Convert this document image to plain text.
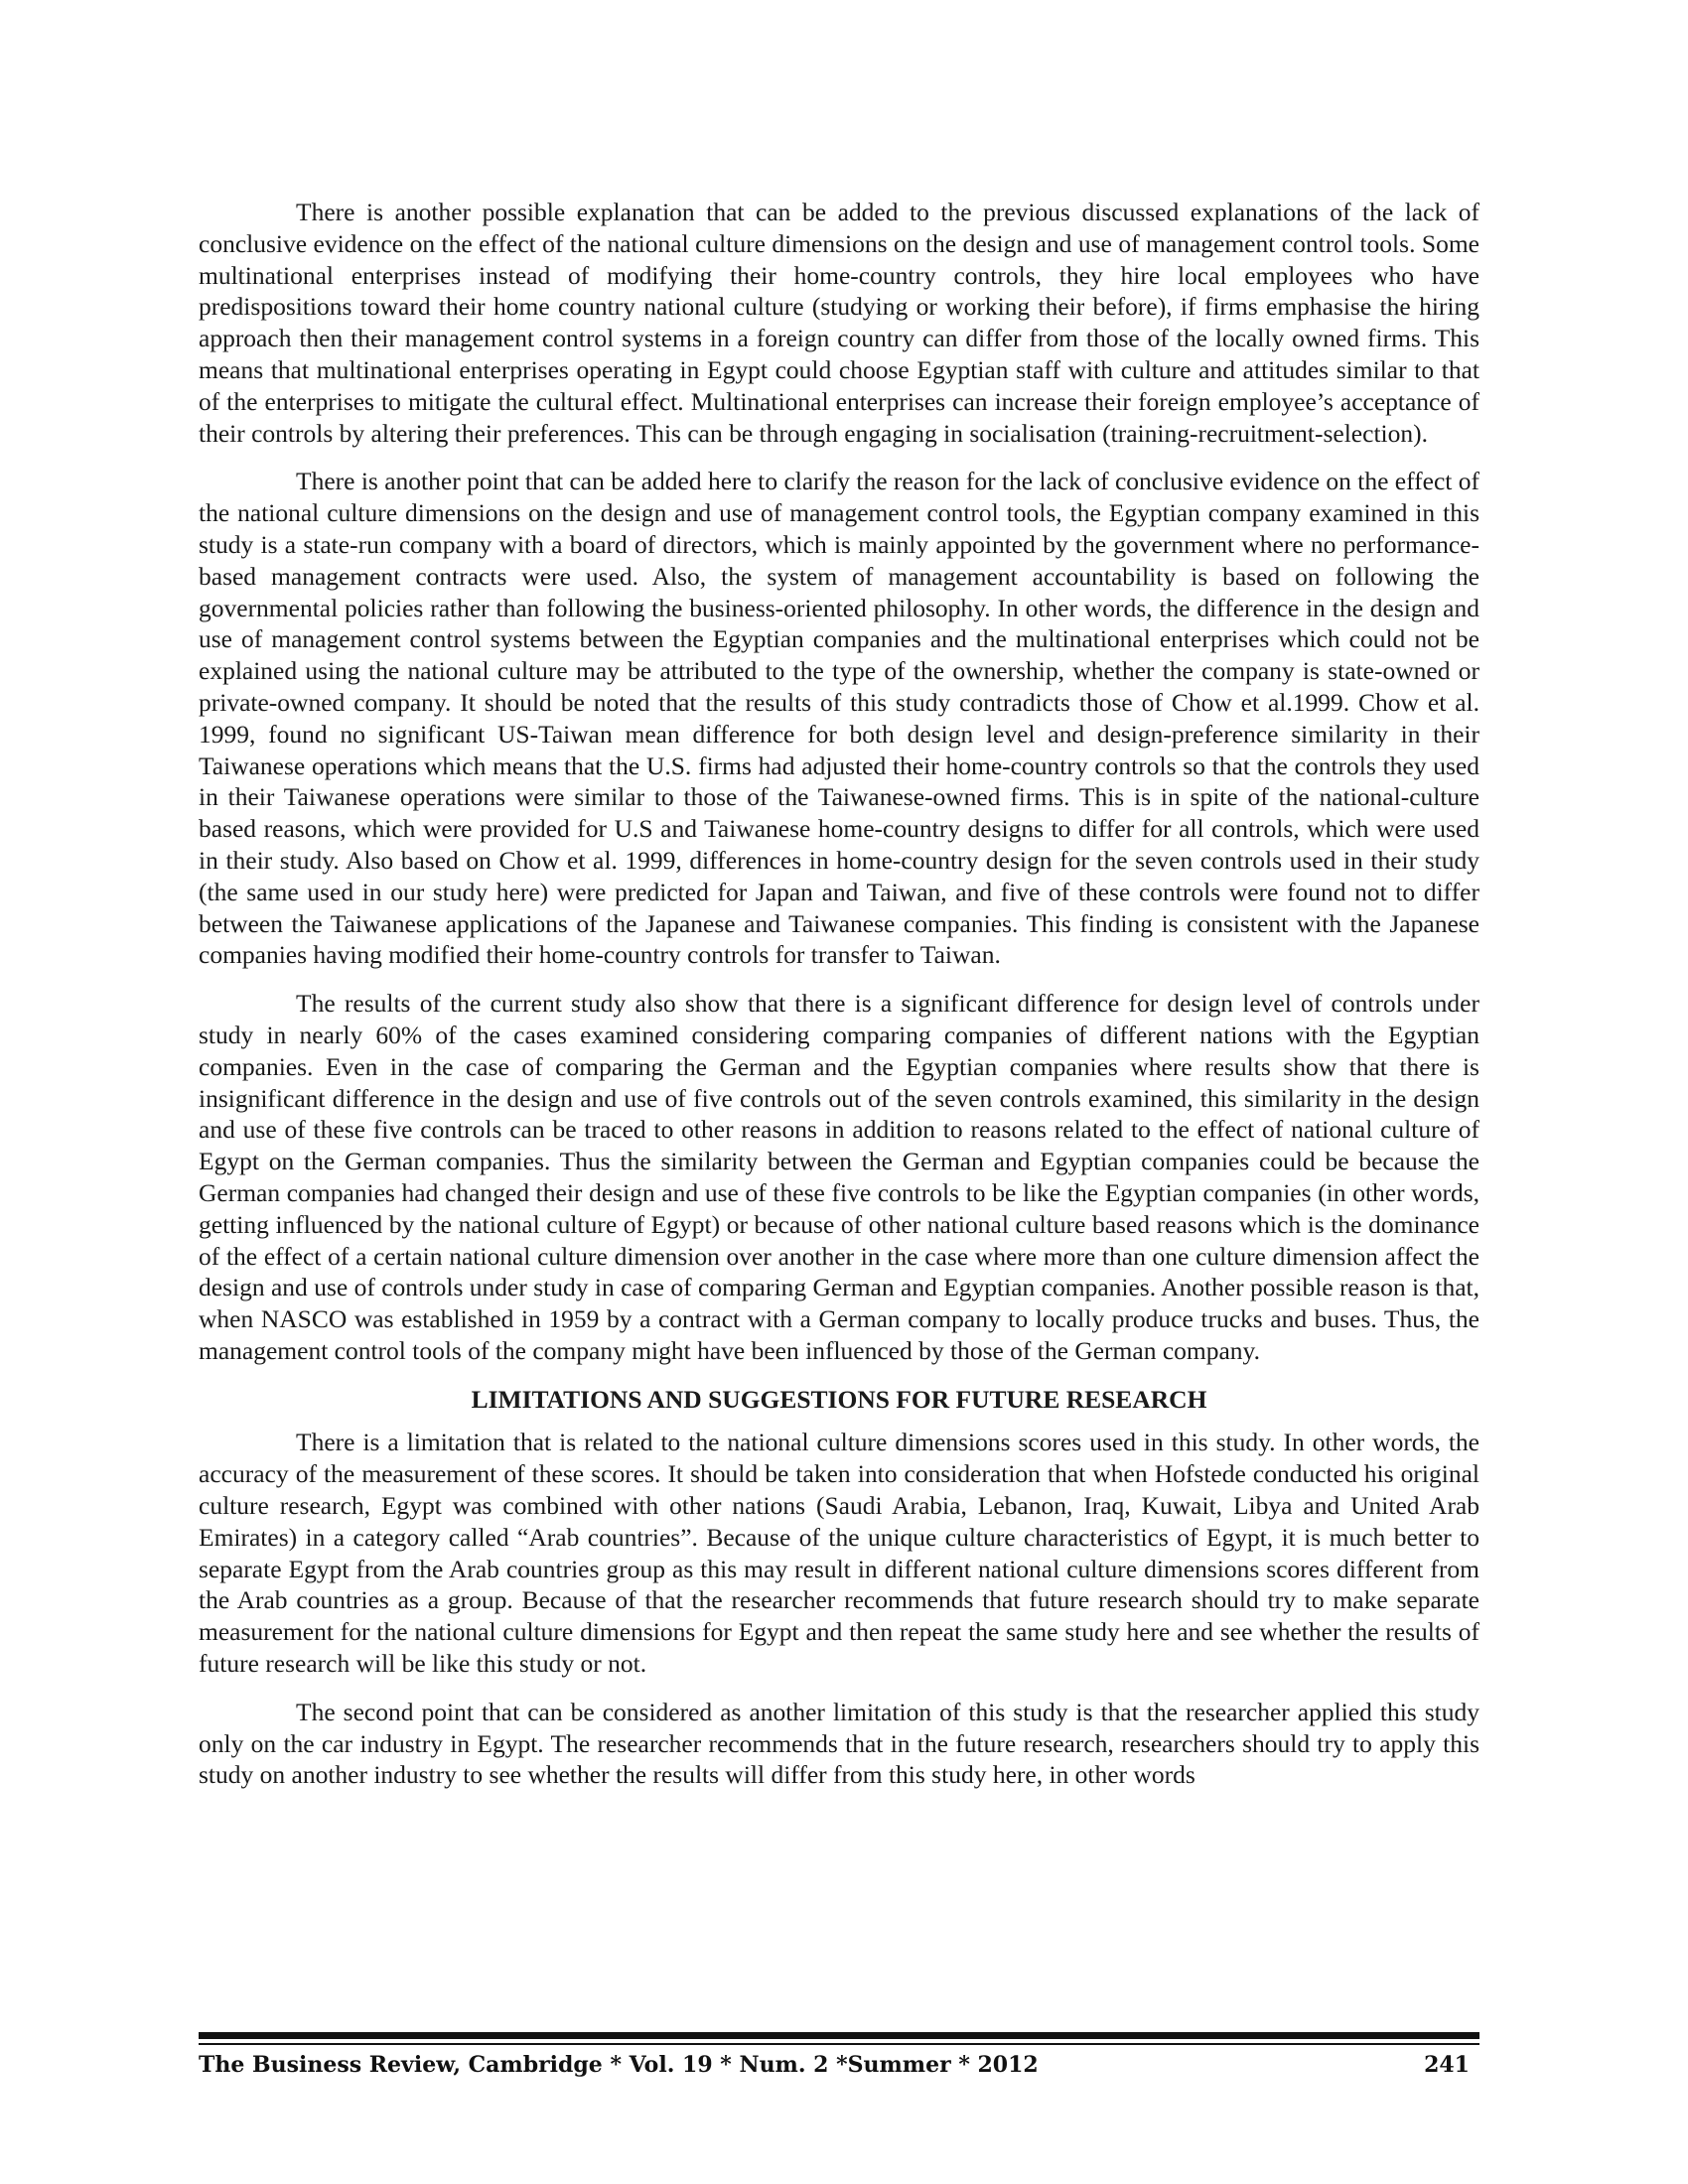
There is another possible explanation that can be added to the previous discussed explanations of the lack of conclusive evidence on the effect of the national culture dimensions on the design and use of management control tools. Some multinational enterprises instead of modifying their home-country controls, they hire local employees who have predispositions toward their home country national culture (studying or working their before), if firms emphasise the hiring approach then their management control systems in a foreign country can differ from those of the locally owned firms. This means that multinational enterprises operating in Egypt could choose Egyptian staff with culture and attitudes similar to that of the enterprises to mitigate the cultural effect. Multinational enterprises can increase their foreign employee’s acceptance of their controls by altering their preferences. This can be through engaging in socialisation (training-recruitment-selection).

There is another point that can be added here to clarify the reason for the lack of conclusive evidence on the effect of the national culture dimensions on the design and use of management control tools, the Egyptian company examined in this study is a state-run company with a board of directors, which is mainly appointed by the government where no performance-based management contracts were used. Also, the system of management accountability is based on following the governmental policies rather than following the business-oriented philosophy. In other words, the difference in the design and use of management control systems between the Egyptian companies and the multinational enterprises which could not be explained using the national culture may be attributed to the type of the ownership, whether the company is state-owned or private-owned company. It should be noted that the results of this study contradicts those of Chow et al.1999. Chow et al. 1999, found no significant US-Taiwan mean difference for both design level and design-preference similarity in their Taiwanese operations which means that the U.S. firms had adjusted their home-country controls so that the controls they used in their Taiwanese operations were similar to those of the Taiwanese-owned firms. This is in spite of the national-culture based reasons, which were provided for U.S and Taiwanese home-country designs to differ for all controls, which were used in their study. Also based on Chow et al. 1999, differences in home-country design for the seven controls used in their study (the same used in our study here) were predicted for Japan and Taiwan, and five of these controls were found not to differ between the Taiwanese applications of the Japanese and Taiwanese companies. This finding is consistent with the Japanese companies having modified their home-country controls for transfer to Taiwan.

The results of the current study also show that there is a significant difference for design level of controls under study in nearly 60% of the cases examined considering comparing companies of different nations with the Egyptian companies. Even in the case of comparing the German and the Egyptian companies where results show that there is insignificant difference in the design and use of five controls out of the seven controls examined, this similarity in the design and use of these five controls can be traced to other reasons in addition to reasons related to the effect of national culture of Egypt on the German companies. Thus the similarity between the German and Egyptian companies could be because the German companies had changed their design and use of these five controls to be like the Egyptian companies (in other words, getting influenced by the national culture of Egypt) or because of other national culture based reasons which is the dominance of the effect of a certain national culture dimension over another in the case where more than one culture dimension affect the design and use of controls under study in case of comparing German and Egyptian companies. Another possible reason is that, when NASCO was established in 1959 by a contract with a German company to locally produce trucks and buses. Thus, the management control tools of the company might have been influenced by those of the German company.

LIMITATIONS AND SUGGESTIONS FOR FUTURE RESEARCH

There is a limitation that is related to the national culture dimensions scores used in this study. In other words, the accuracy of the measurement of these scores. It should be taken into consideration that when Hofstede conducted his original culture research, Egypt was combined with other nations (Saudi Arabia, Lebanon, Iraq, Kuwait, Libya and United Arab Emirates) in a category called “Arab countries”. Because of the unique culture characteristics of Egypt, it is much better to separate Egypt from the Arab countries group as this may result in different national culture dimensions scores different from the Arab countries as a group. Because of that the researcher recommends that future research should try to make separate measurement for the national culture dimensions for Egypt and then repeat the same study here and see whether the results of future research will be like this study or not.

The second point that can be considered as another limitation of this study is that the researcher applied this study only on the car industry in Egypt. The researcher recommends that in the future research, researchers should try to apply this study on another industry to see whether the results will differ from this study here, in other words

The Business Review, Cambridge * Vol. 19 * Num. 2 *Summer * 2012	241
